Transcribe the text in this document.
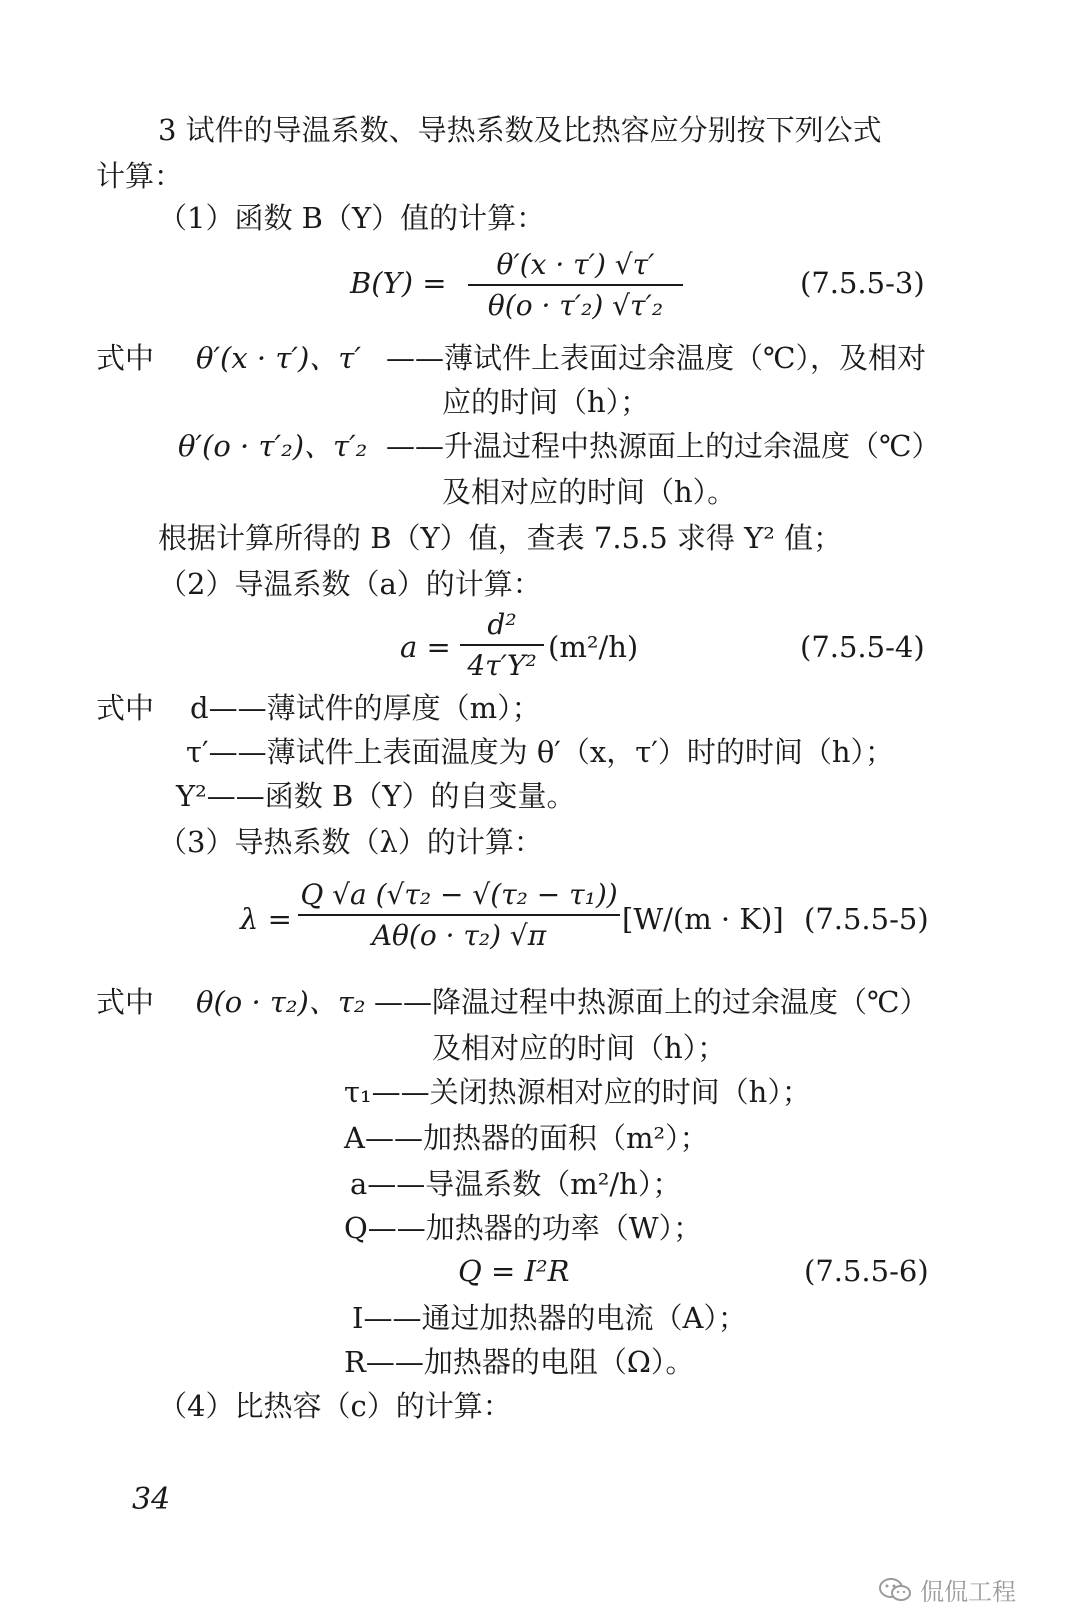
3 试件的导温系数、导热系数及比热容应分别按下列公式
计算：
（1）函数 B（Y）值的计算：
B(Y) =
θ′(x · τ′) √τ′
θ(o · τ′₂) √τ′₂
(7.5.5-3)
式中 θ′(x · τ′)、τ′ ——薄试件上表面过余温度（℃），及相对
应的时间（h）；
θ′(o · τ′₂)、τ′₂ ——升温过程中热源面上的过余温度（℃）
及相对应的时间（h）。
根据计算所得的 B（Y）值，查表 7.5.5 求得 Y² 值；
（2）导温系数（a）的计算：
a =
d²
4τ′Y²
(m²/h)	(7.5.5-4)
式中 d——薄试件的厚度（m）；
τ′——薄试件上表面温度为 θ′（x，τ′）时的时间（h）；
Y²——函数 B（Y）的自变量。
（3）导热系数（λ）的计算：
λ =
Q √a (√τ₂ − √(τ₂ − τ₁))
Aθ(o · τ₂) √π	[W/(m · K)] (7.5.5-5)
式中 θ(o · τ₂)、τ₂ ——降温过程中热源面上的过余温度（℃）
及相对应的时间（h）；
τ₁——关闭热源相对应的时间（h）；
A——加热器的面积（m²）；
a——导温系数（m²/h）；
Q——加热器的功率（W）；
Q = I²R	(7.5.5-6)
I——通过加热器的电流（A）；
R——加热器的电阻（Ω）。
（4）比热容（c）的计算：
34
侃侃工程
